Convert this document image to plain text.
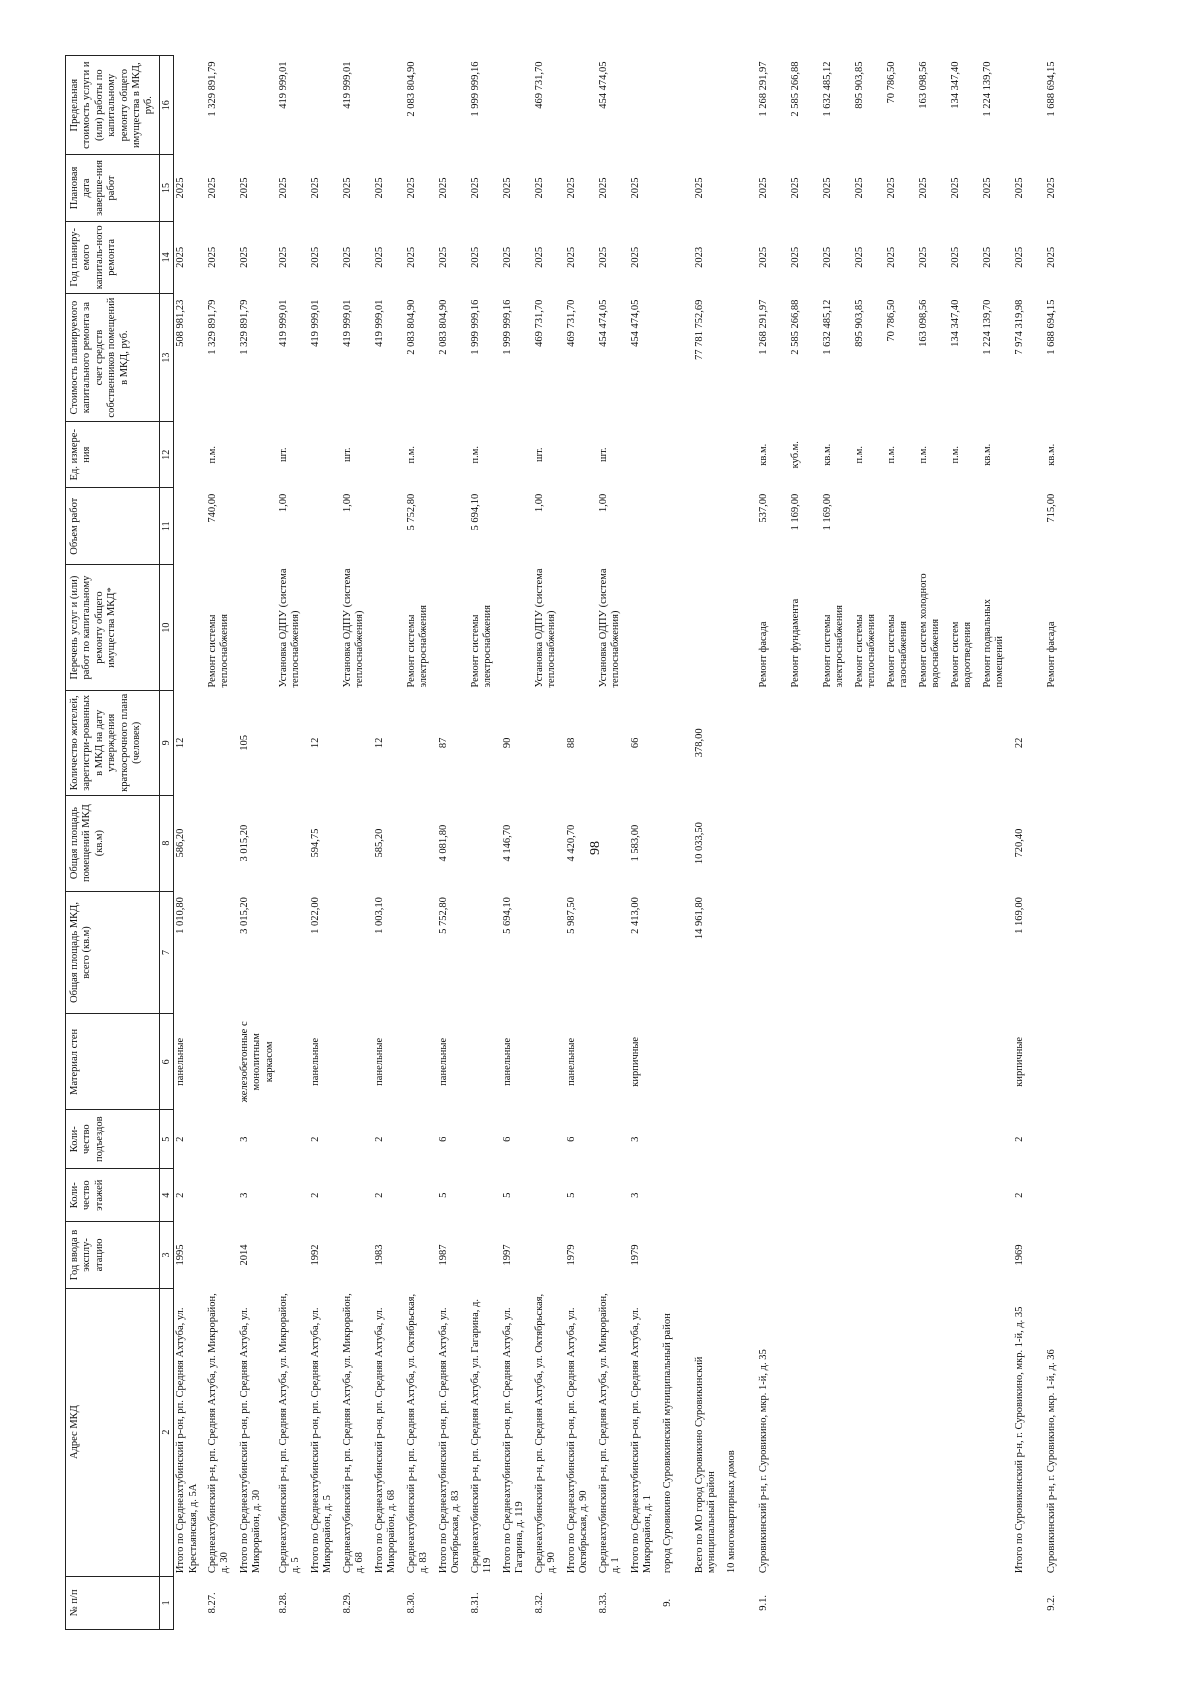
98
№ п/п	Адрес МКД	Год ввода в эксплу-атацию	Коли-чество этажей	Коли-чество подъездов	Материал стен	Общая площадь МКД, всего (кв.м)	Общая площадь помещений МКД (кв.м)	Количество жителей, зарегистри-рованных в МКД на дату утверждения краткосрочного плана (человек)	Перечень услуг и (или) работ по капитальному ремонту общего имущества МКД*	Объем работ	Ед. измере-ния	Стоимость планируемого капитального ремонта за счет средств собственников помещений в МКД, руб.	Год планиру-емого капиталь-ного ремонта	Плановая дата заверше-ния работ	Предельная стоимость услуги и (или) работы по капитальному ремонту общего имущества в МКД, руб.
1	2	3	4	5	6	7	8	9	10	11	12	13	14	15	16
	Итого по Среднеахтубинский р-он, рп. Средняя Ахтуба, ул. Крестьянская, д. 5А	1995	2	2	панельные	1 010,80	586,20	12				508 981,23	2025	2025	
8.27.	Среднеахтубинский р-н, рп. Средняя Ахтуба, ул. Микрорайон, д. 30								Ремонт системы теплоснабжения	740,00	п.м.	1 329 891,79	2025	2025	1 329 891,79
	Итого по Среднеахтубинский р-он, рп. Средняя Ахтуба, ул. Микрорайон, д. 30	2014	3	3	железобетонные с монолитным каркасом	3 015,20	3 015,20	105				1 329 891,79	2025	2025	
8.28.	Среднеахтубинский р-н, рп. Средняя Ахтуба, ул. Микрорайон, д. 5								Установка ОДПУ (система теплоснабжения)	1,00	шт.	419 999,01	2025	2025	419 999,01
	Итого по Среднеахтубинский р-он, рп. Средняя Ахтуба, ул. Микрорайон, д. 5	1992	2	2	панельные	1 022,00	594,75	12				419 999,01	2025	2025	
8.29.	Среднеахтубинский р-н, рп. Средняя Ахтуба, ул. Микрорайон, д. 68								Установка ОДПУ (система теплоснабжения)	1,00	шт.	419 999,01	2025	2025	419 999,01
	Итого по Среднеахтубинский р-он, рп. Средняя Ахтуба, ул. Микрорайон, д. 68	1983	2	2	панельные	1 003,10	585,20	12				419 999,01	2025	2025	
8.30.	Среднеахтубинский р-н, рп. Средняя Ахтуба, ул. Октябрьская, д. 83								Ремонт системы электроснабжения	5 752,80	п.м.	2 083 804,90	2025	2025	2 083 804,90
	Итого по Среднеахтубинский р-он, рп. Средняя Ахтуба, ул. Октябрьская, д. 83	1987	5	6	панельные	5 752,80	4 081,80	87				2 083 804,90	2025	2025	
8.31.	Среднеахтубинский р-н, рп. Средняя Ахтуба, ул. Гагарина, д. 119								Ремонт системы электроснабжения	5 694,10	п.м.	1 999 999,16	2025	2025	1 999 999,16
	Итого по Среднеахтубинский р-он, рп. Средняя Ахтуба, ул. Гагарина, д. 119	1997	5	6	панельные	5 694,10	4 146,70	90				1 999 999,16	2025	2025	
8.32.	Среднеахтубинский р-н, рп. Средняя Ахтуба, ул. Октябрьская, д. 90								Установка ОДПУ (система теплоснабжения)	1,00	шт.	469 731,70	2025	2025	469 731,70
	Итого по Среднеахтубинский р-он, рп. Средняя Ахтуба, ул. Октябрьская, д. 90	1979	5	6	панельные	5 987,50	4 420,70	88				469 731,70	2025	2025	
8.33.	Среднеахтубинский р-н, рп. Средняя Ахтуба, ул. Микрорайон, д. 1								Установка ОДПУ (система теплоснабжения)	1,00	шт.	454 474,05	2025	2025	454 474,05
	Итого по Среднеахтубинский р-он, рп. Средняя Ахтуба, ул. Микрорайон, д. 1	1979	3	3	кирпичные	2 413,00	1 583,00	66				454 474,05	2025	2025	
9.	город Суровикино Суровикинский муниципальный район														
	Всего по МО город Суровикино Суровикинский муниципальный район					14 961,80	10 033,50	378,00				77 781 752,69	2023	2025	
	10 многоквартирных домов														
9.1.	Суровикинский р-н, г. Суровикино, мкр. 1-й, д. 35								Ремонт фасада	537,00	кв.м.	1 268 291,97	2025	2025	1 268 291,97
									Ремонт фундамента	1 169,00	куб.м.	2 585 266,88	2025	2025	2 585 266,88
									Ремонт системы электроснабжения	1 169,00	кв.м.	1 632 485,12	2025	2025	1 632 485,12
									Ремонт системы теплоснабжения		п.м.	895 903,85	2025	2025	895 903,85
									Ремонт системы газоснабжения		п.м.	70 786,50	2025	2025	70 786,50
									Ремонт систем холодного водоснабжения		п.м.	163 098,56	2025	2025	163 098,56
									Ремонт систем водоотведения		п.м.	134 347,40	2025	2025	134 347,40
									Ремонт подвальных помещений		кв.м.	1 224 139,70	2025	2025	1 224 139,70
	Итого по Суровикинский р-н, г. Суровикино, мкр. 1-й, д. 35	1969	2	2	кирпичные	1 169,00	720,40	22				7 974 319,98	2025	2025	
9.2.	Суровикинский р-н, г. Суровикино, мкр. 1-й, д. 36								Ремонт фасада	715,00	кв.м.	1 688 694,15	2025	2025	1 688 694,15
